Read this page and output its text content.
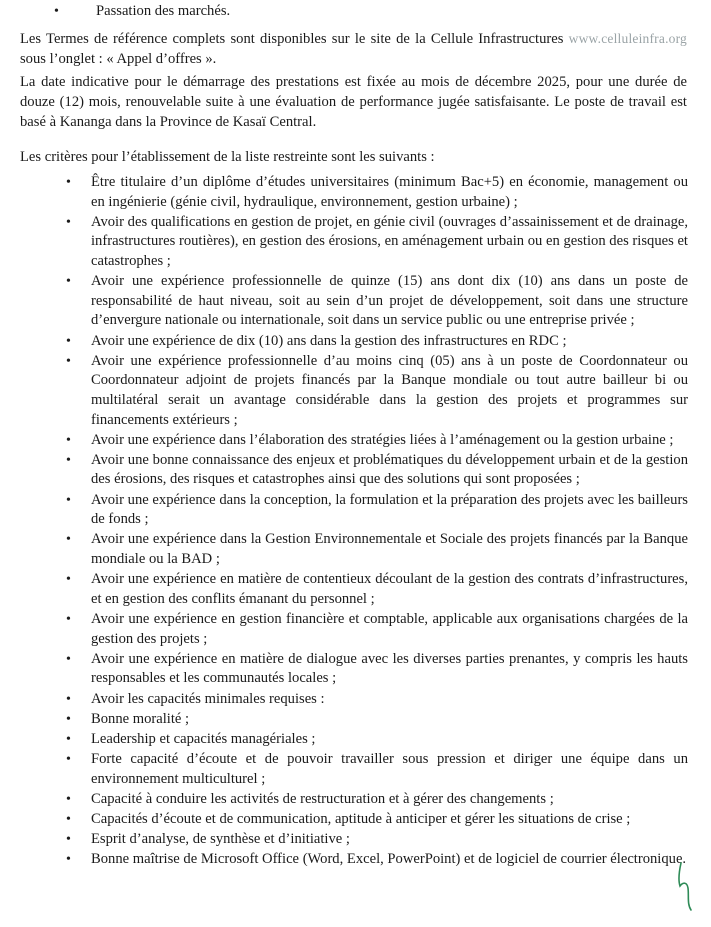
• Passation des marchés.

Les Termes de référence complets sont disponibles sur le site de la Cellule Infrastructures www.celluleinfra.org sous l’onglet : « Appel d’offres ».

La date indicative pour le démarrage des prestations est fixée au mois de décembre 2025, pour une durée de douze (12) mois, renouvelable suite à une évaluation de performance jugée satisfaisante. Le poste de travail est basé à Kananga dans la Province de Kasaï Central.

Les critères pour l’établissement de la liste restreinte sont les suivants :

• Être titulaire d’un diplôme d’études universitaires (minimum Bac+5) en économie, management ou en ingénierie (génie civil, hydraulique, environnement, gestion urbaine) ;
• Avoir des qualifications en gestion de projet, en génie civil (ouvrages d’assainissement et de drainage, infrastructures routières), en gestion des érosions, en aménagement urbain ou en gestion des risques et catastrophes ;
• Avoir une expérience professionnelle de quinze (15) ans dont dix (10) ans dans un poste de responsabilité de haut niveau, soit au sein d’un projet de développement, soit dans une structure d’envergure nationale ou internationale, soit dans un service public ou une entreprise privée ;
• Avoir une expérience de dix (10) ans dans la gestion des infrastructures en RDC ;
• Avoir une expérience professionnelle d’au moins cinq (05) ans à un poste de Coordonnateur ou Coordonnateur adjoint de projets financés par la Banque mondiale ou tout autre bailleur bi ou multilatéral serait un avantage considérable dans la gestion des projets et programmes sur financements extérieurs ;
• Avoir une expérience dans l’élaboration des stratégies liées à l’aménagement ou la gestion urbaine ;
• Avoir une bonne connaissance des enjeux et problématiques du développement urbain et de la gestion des érosions, des risques et catastrophes ainsi que des solutions qui sont proposées ;
• Avoir une expérience dans la conception, la formulation et la préparation des projets avec les bailleurs de fonds ;
• Avoir une expérience dans la Gestion Environnementale et Sociale des projets financés par la Banque mondiale ou la BAD ;
• Avoir une expérience en matière de contentieux découlant de la gestion des contrats d’infrastructures, et en gestion des conflits émanant du personnel ;
• Avoir une expérience en gestion financière et comptable, applicable aux organisations chargées de la gestion des projets ;
• Avoir une expérience en matière de dialogue avec les diverses parties prenantes, y compris les hauts responsables et les communautés locales ;
• Avoir les capacités minimales requises :
• Bonne moralité ;
• Leadership et capacités managériales ;
• Forte capacité d’écoute et de pouvoir travailler sous pression et diriger une équipe dans un environnement multiculturel ;
• Capacité à conduire les activités de restructuration et à gérer des changements ;
• Capacités d’écoute et de communication, aptitude à anticiper et gérer les situations de crise ;
• Esprit d’analyse, de synthèse et d’initiative ;
• Bonne maîtrise de Microsoft Office (Word, Excel, PowerPoint) et de logiciel de courrier électronique.
